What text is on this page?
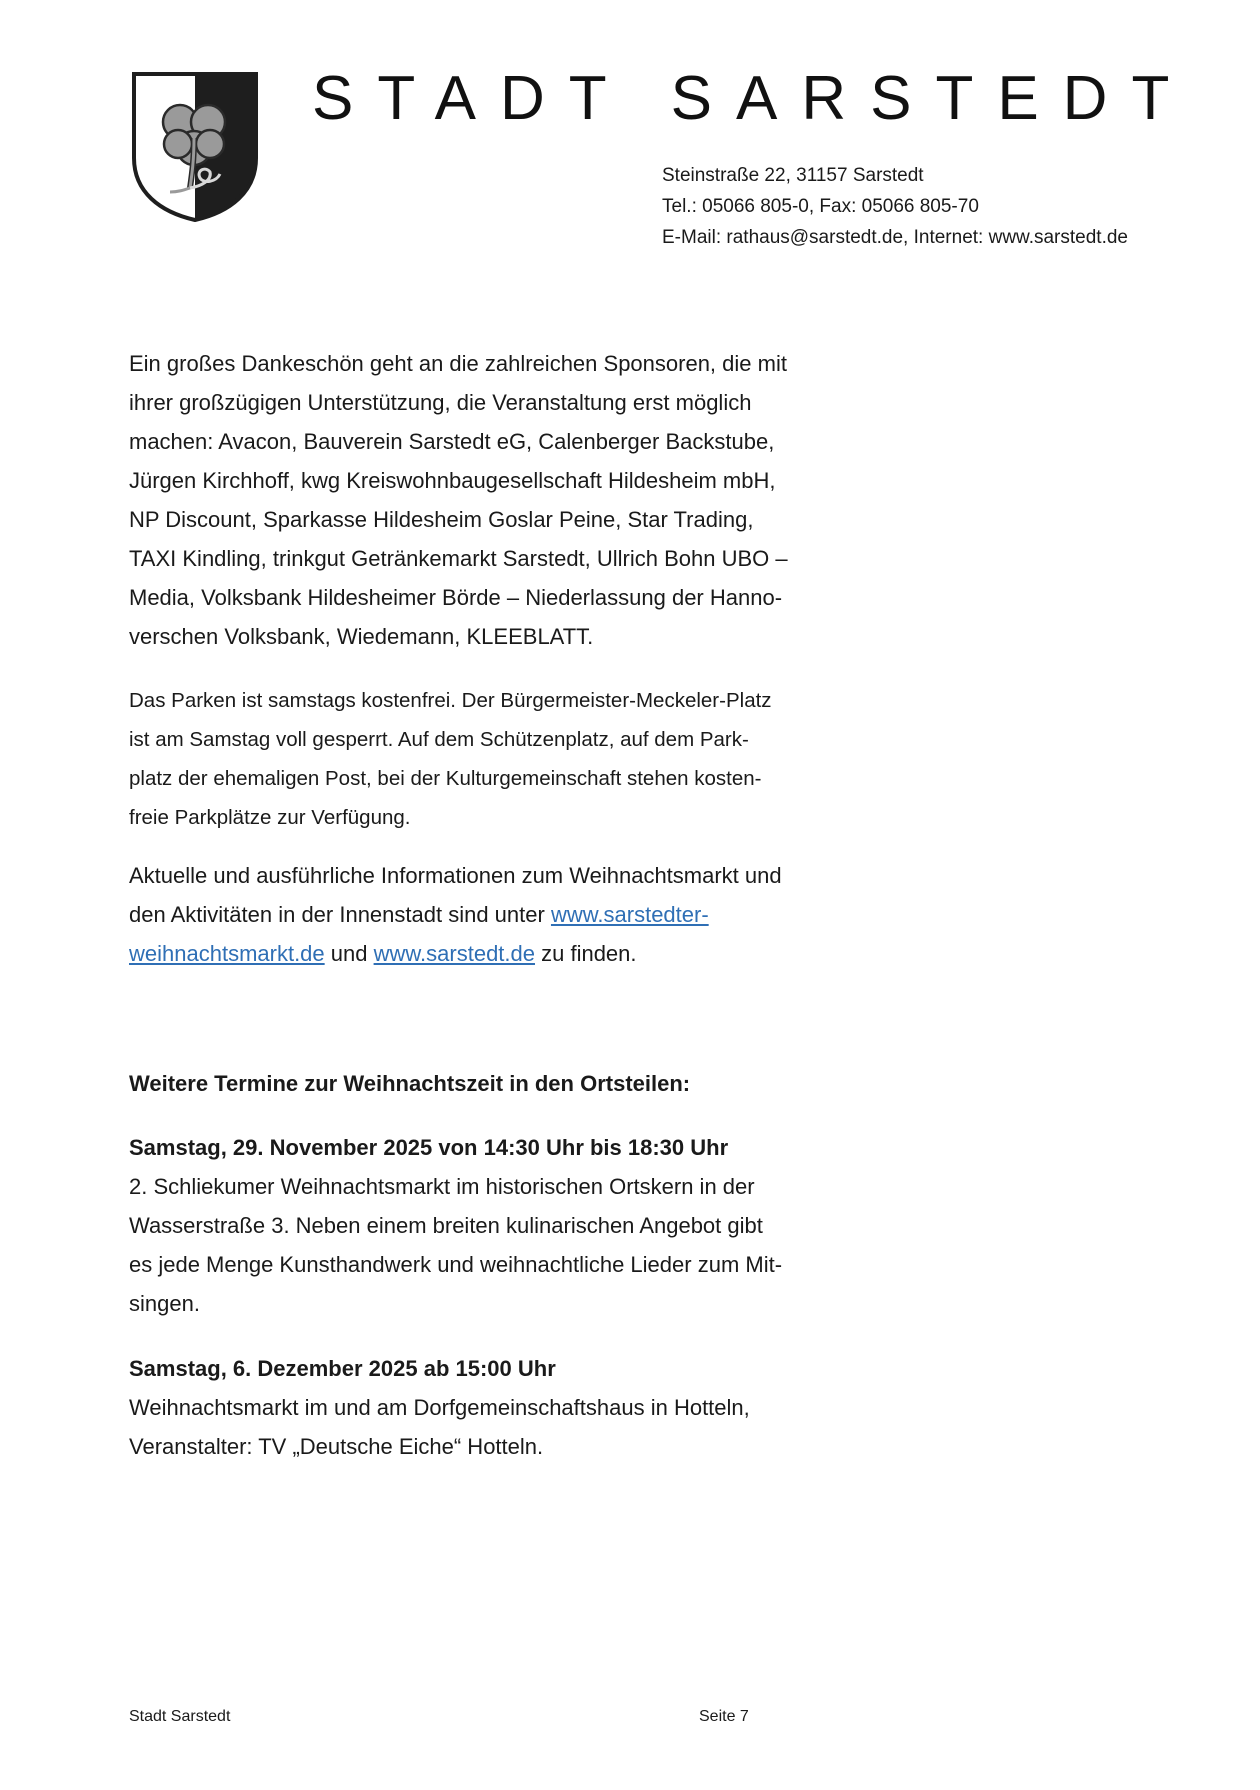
STADT SARSTEDT
Steinstraße 22, 31157 Sarstedt
Tel.: 05066 805-0, Fax: 05066 805-70
E-Mail: rathaus@sarstedt.de, Internet: www.sarstedt.de
Ein großes Dankeschön geht an die zahlreichen Sponsoren, die mit
ihrer großzügigen Unterstützung, die Veranstaltung erst möglich
machen: Avacon, Bauverein Sarstedt eG, Calenberger Backstube,
Jürgen Kirchhoff, kwg Kreiswohnbaugesellschaft Hildesheim mbH,
NP Discount, Sparkasse Hildesheim Goslar Peine, Star Trading,
TAXI Kindling, trinkgut Getränkemarkt Sarstedt, Ullrich Bohn UBO –
Media, Volksbank Hildesheimer Börde – Niederlassung der Hanno-
verschen Volksbank, Wiedemann, KLEEBLATT.
Das Parken ist samstags kostenfrei. Der Bürgermeister-Meckeler-Platz
ist am Samstag voll gesperrt. Auf dem Schützenplatz, auf dem Park-
platz der ehemaligen Post, bei der Kulturgemeinschaft stehen kosten-
freie Parkplätze zur Verfügung.
Aktuelle und ausführliche Informationen zum Weihnachtsmarkt und
den Aktivitäten in der Innenstadt sind unter www.sarstedter-
weihnachtsmarkt.de und www.sarstedt.de zu finden.
Weitere Termine zur Weihnachtszeit in den Ortsteilen:
Samstag, 29. November 2025 von 14:30 Uhr bis 18:30 Uhr
2. Schliekumer Weihnachtsmarkt im historischen Ortskern in der
Wasserstraße 3. Neben einem breiten kulinarischen Angebot gibt
es jede Menge Kunsthandwerk und weihnachtliche Lieder zum Mit-
singen.
Samstag, 6. Dezember 2025 ab 15:00 Uhr
Weihnachtsmarkt im und am Dorfgemeinschaftshaus in Hotteln,
Veranstalter: TV „Deutsche Eiche“ Hotteln.
Stadt Sarstedt	Seite 7
